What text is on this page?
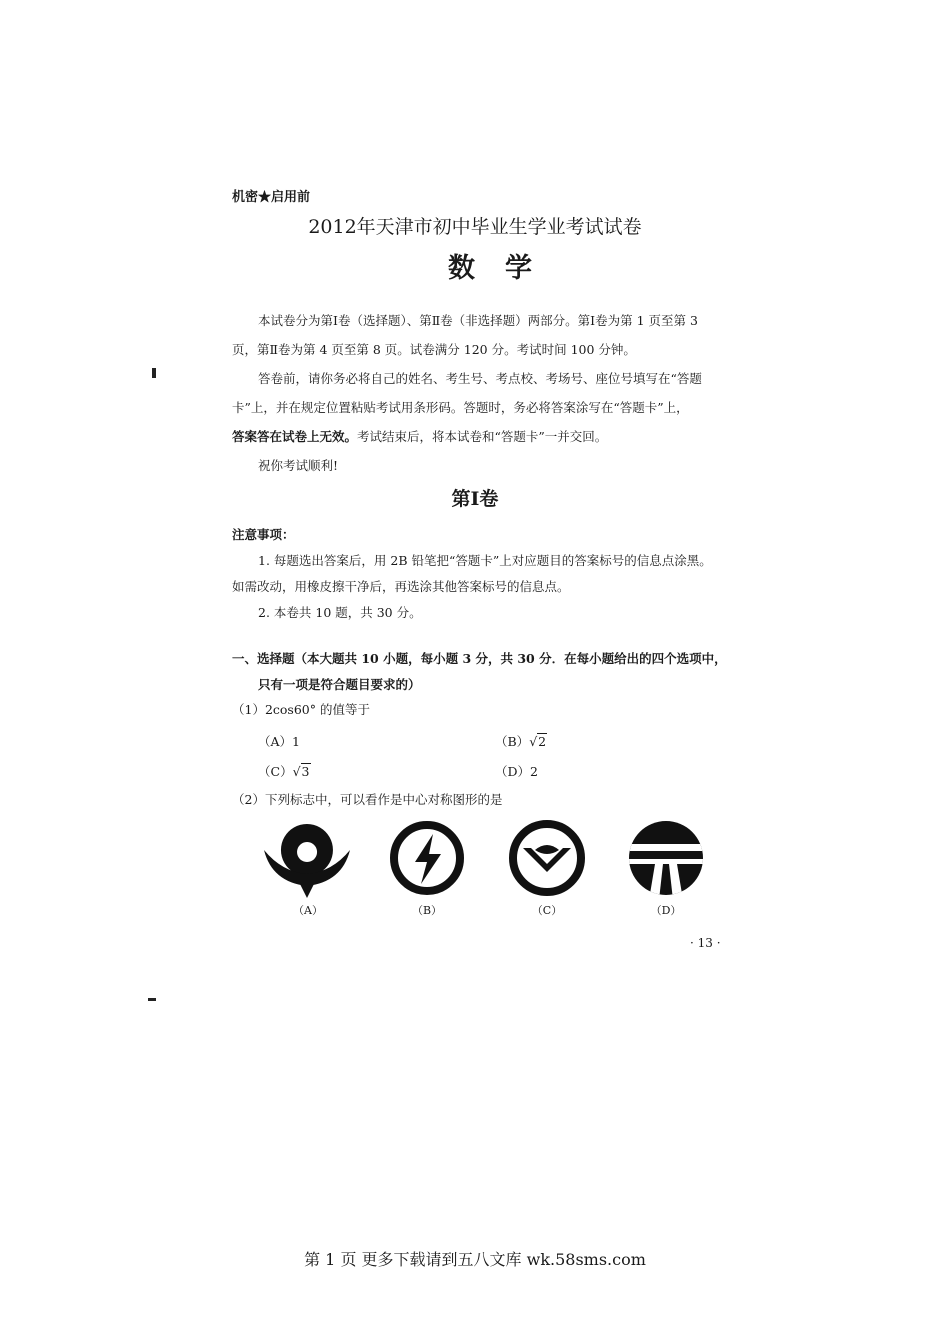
机密★启用前
2012年天津市初中毕业生学业考试试卷
数学

本试卷分为第Ⅰ卷（选择题）、第Ⅱ卷（非选择题）两部分。第Ⅰ卷为第 1 页至第 3

页，第Ⅱ卷为第 4 页至第 8 页。试卷满分 120 分。考试时间 100 分钟。

答卷前，请你务必将自己的姓名、考生号、考点校、考场号、座位号填写在“答题

卡”上，并在规定位置粘贴考试用条形码。答题时，务必将答案涂写在“答题卡”上，

答案答在试卷上无效。考试结束后，将本试卷和“答题卡”一并交回。

祝你考试顺利!

第Ⅰ卷

注意事项：

1. 每题选出答案后，用 2B 铅笔把“答题卡”上对应题目的答案标号的信息点涂黑。

如需改动，用橡皮擦干净后，再选涂其他答案标号的信息点。

2. 本卷共 10 题，共 30 分。

一、选择题（本大题共 10 小题，每小题 3 分，共 30 分．在每小题给出的四个选项中，

只有一项是符合题目要求的）

（1）2cos60° 的值等于
（A）1	（B）√2
（C）√3	（D）2
（2）下列标志中，可以看作是中心对称图形的是
（A）	（B）	（C）	（D）
· 13 ·
第 1 页 更多下载请到五八文库 wk.58sms.com
